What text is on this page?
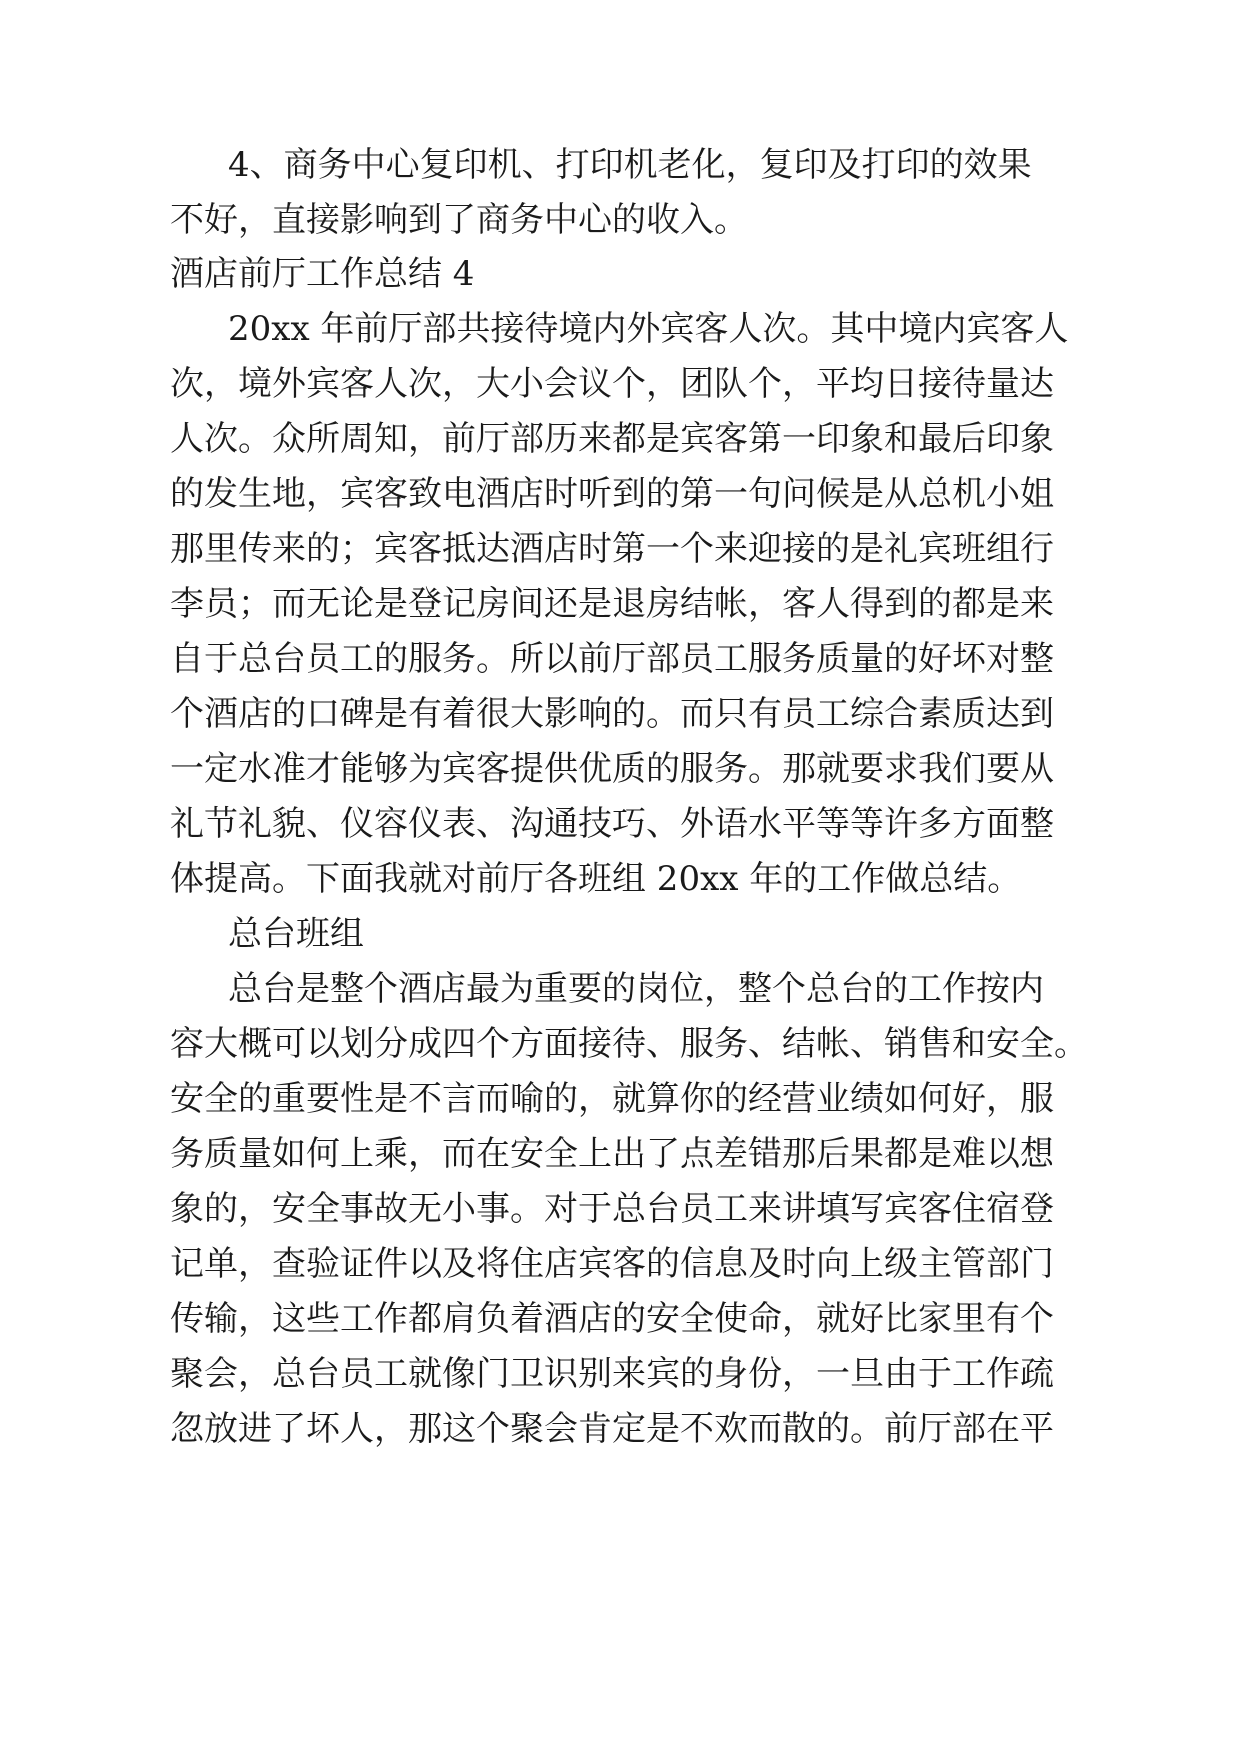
4、商务中心复印机、打印机老化，复印及打印的效果
不好，直接影响到了商务中心的收入。
酒店前厅工作总结 4
20xx 年前厅部共接待境内外宾客人次。其中境内宾客人
次，境外宾客人次，大小会议个，团队个，平均日接待量达
人次。众所周知，前厅部历来都是宾客第一印象和最后印象
的发生地，宾客致电酒店时听到的第一句问候是从总机小姐
那里传来的；宾客抵达酒店时第一个来迎接的是礼宾班组行
李员；而无论是登记房间还是退房结帐，客人得到的都是来
自于总台员工的服务。所以前厅部员工服务质量的好坏对整
个酒店的口碑是有着很大影响的。而只有员工综合素质达到
一定水准才能够为宾客提供优质的服务。那就要求我们要从
礼节礼貌、仪容仪表、沟通技巧、外语水平等等许多方面整
体提高。下面我就对前厅各班组 20xx 年的工作做总结。
总台班组
总台是整个酒店最为重要的岗位，整个总台的工作按内
容大概可以划分成四个方面接待、服务、结帐、销售和安全。
安全的重要性是不言而喻的，就算你的经营业绩如何好，服
务质量如何上乘，而在安全上出了点差错那后果都是难以想
象的，安全事故无小事。对于总台员工来讲填写宾客住宿登
记单，查验证件以及将住店宾客的信息及时向上级主管部门
传输，这些工作都肩负着酒店的安全使命，就好比家里有个
聚会，总台员工就像门卫识别来宾的身份，一旦由于工作疏
忽放进了坏人，那这个聚会肯定是不欢而散的。前厅部在平
